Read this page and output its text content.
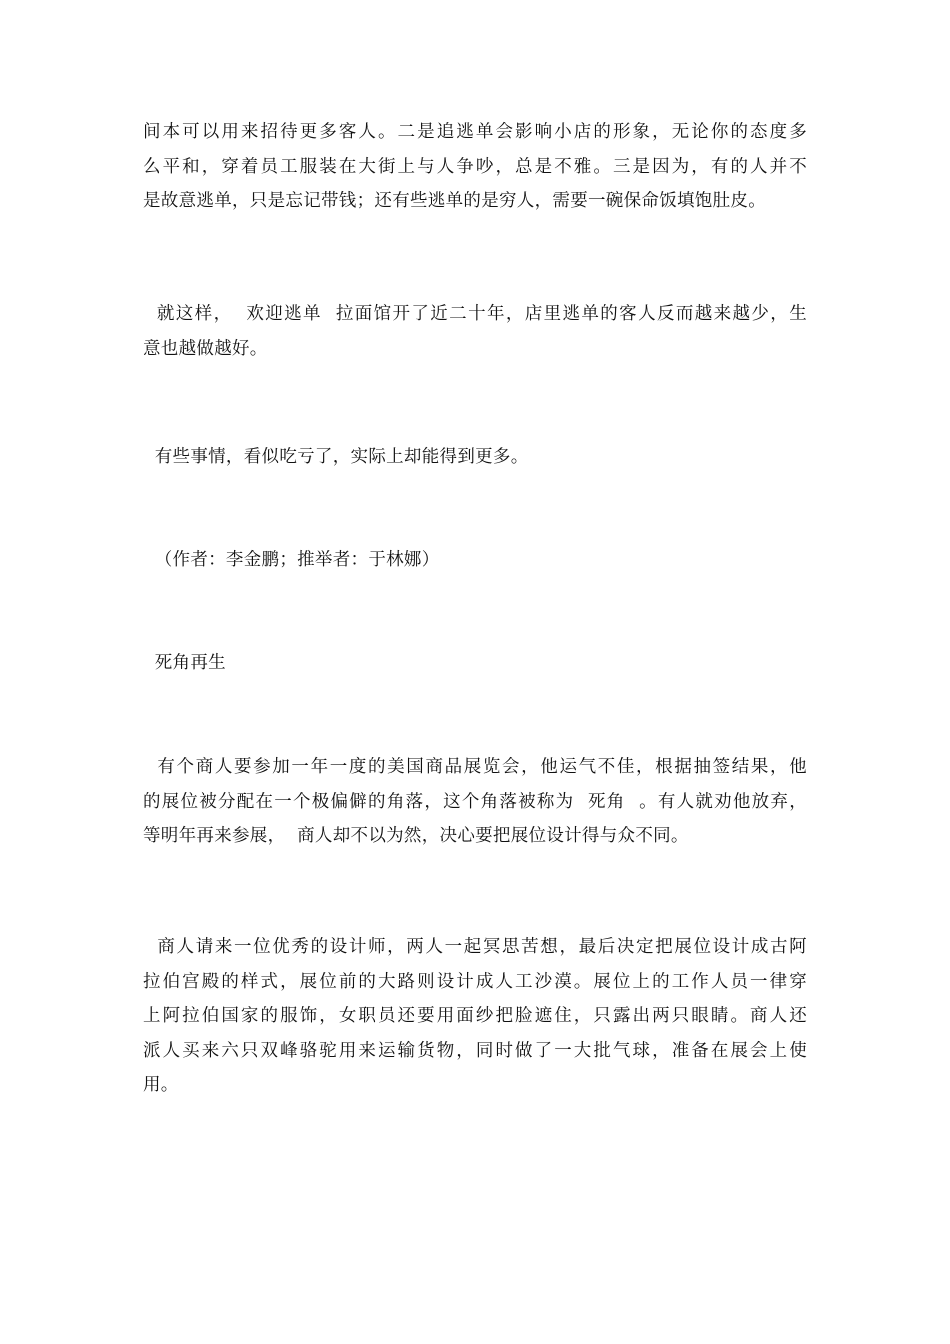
间本可以用来招待更多客人。二是追逃单会影响小店的形象，无论你的态度多
么平和，穿着员工服装在大街上与人争吵，总是不雅。三是因为，有的人并不
是故意逃单，只是忘记带钱；还有些逃单的是穷人，需要一碗保命饭填饱肚皮。
就这样，  欢迎逃单  拉面馆开了近二十年，店里逃单的客人反而越来越少，生
意也越做越好。
有些事情，看似吃亏了，实际上却能得到更多。
（作者：李金鹏；推举者：于林娜）
死角再生
有个商人要参加一年一度的美国商品展览会，他运气不佳，根据抽签结果，他
的展位被分配在一个极偏僻的角落，这个角落被称为  死角  。有人就劝他放弃，
等明年再来参展，  商人却不以为然，决心要把展位设计得与众不同。
商人请来一位优秀的设计师，两人一起冥思苦想，最后决定把展位设计成古阿
拉伯宫殿的样式，展位前的大路则设计成人工沙漠。展位上的工作人员一律穿
上阿拉伯国家的服饰，女职员还要用面纱把脸遮住，只露出两只眼睛。商人还
派人买来六只双峰骆驼用来运输货物，同时做了一大批气球，准备在展会上使
用。
